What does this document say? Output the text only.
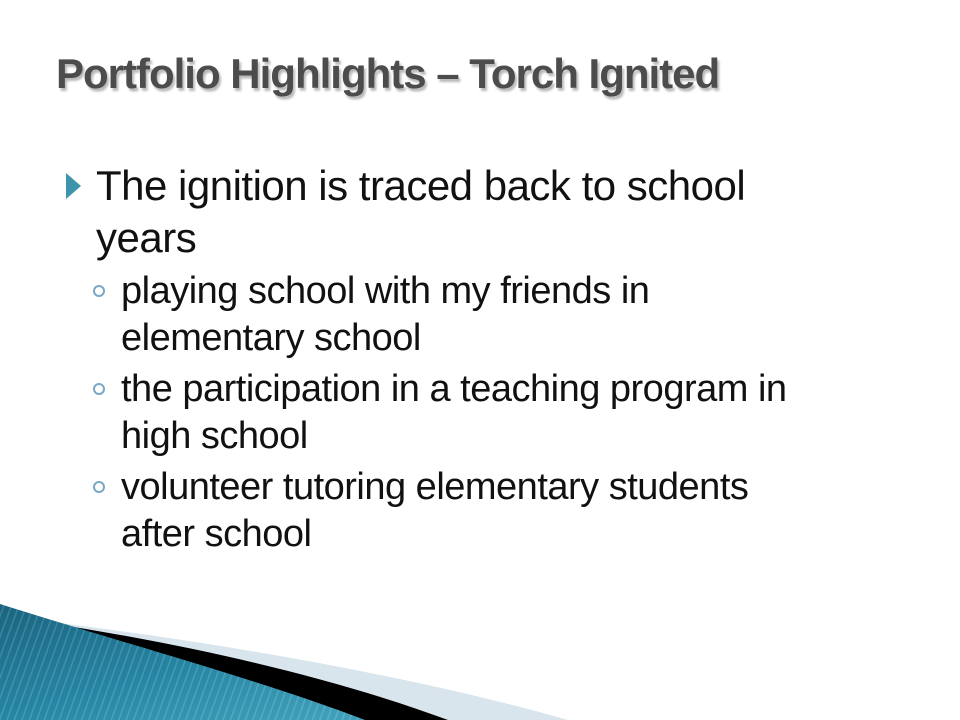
Portfolio Highlights – Torch Ignited
The ignition is traced back to school
years
playing school with my friends in
elementary school
the participation in a teaching program in
high school
volunteer tutoring elementary students
after school
